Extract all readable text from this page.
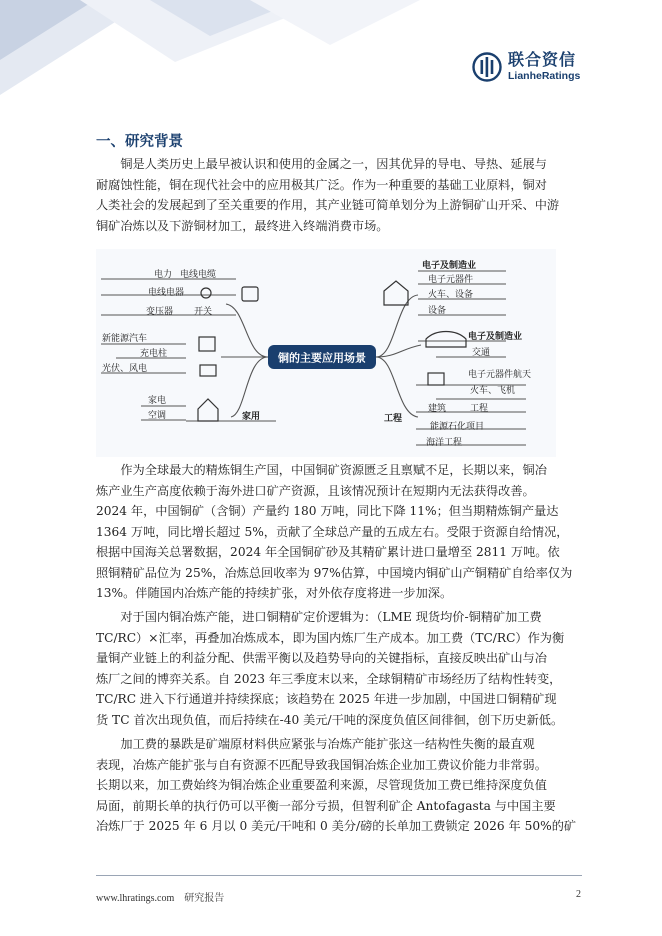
联合资信
LianheRatings
一、研究背景
　　铜是人类历史上最早被认识和使用的金属之一，因其优异的导电、导热、延展与
耐腐蚀性能，铜在现代社会中的应用极其广泛。作为一种重要的基础工业原料，铜对
人类社会的发展起到了至关重要的作用，其产业链可简单划分为上游铜矿山开采、中游
铜矿冶炼以及下游铜材加工，最终进入终端消费市场。
铜的主要应用场景
电力 电线电缆
电线电器
变压器 开关
新能源汽车
充电柱
光伏、风电
家电
空调	家用
电子及制造业
电子元器件
火车、设备
设备
电子及制造业
交通
电子元器件航天
火车、飞机
建筑	工程
能源石化项目
海洋工程
工程
　　作为全球最大的精炼铜生产国，中国铜矿资源匮乏且禀赋不足，长期以来，铜冶
炼产业生产高度依赖于海外进口矿产资源，且该情况预计在短期内无法获得改善。
2024 年，中国铜矿（含铜）产量约 180 万吨，同比下降 11%；但当期精炼铜产量达
1364 万吨，同比增长超过 5%，贡献了全球总产量的五成左右。受限于资源自给情况，
根据中国海关总署数据，2024 年全国铜矿砂及其精矿累计进口量增至 2811 万吨。依
照铜精矿品位为 25%，冶炼总回收率为 97%估算，中国境内铜矿山产铜精矿自给率仅为
13%。伴随国内冶炼产能的持续扩张，对外依存度将进一步加深。
　　对于国内铜冶炼产能，进口铜精矿定价逻辑为：（LME 现货均价-铜精矿加工费
TC/RC）×汇率，再叠加冶炼成本，即为国内炼厂生产成本。加工费（TC/RC）作为衡
量铜产业链上的利益分配、供需平衡以及趋势导向的关键指标，直接反映出矿山与冶
炼厂之间的博弈关系。自 2023 年三季度末以来，全球铜精矿市场经历了结构性转变，
TC/RC 进入下行通道并持续探底；该趋势在 2025 年进一步加剧，中国进口铜精矿现
货 TC 首次出现负值，而后持续在-40 美元/干吨的深度负值区间徘徊，创下历史新低。
　　加工费的暴跌是矿端原材料供应紧张与冶炼产能扩张这一结构性失衡的最直观
表现，冶炼产能扩张与自有资源不匹配导致我国铜冶炼企业加工费议价能力非常弱。
长期以来，加工费始终为铜冶炼企业重要盈利来源，尽管现货加工费已维持深度负值
局面，前期长单的执行仍可以平衡一部分亏损，但智利矿企 Antofagasta 与中国主要
冶炼厂于 2025 年 6 月以 0 美元/干吨和 0 美分/磅的长单加工费锁定 2026 年 50%的矿
www.lhratings.com 研究报告	2
